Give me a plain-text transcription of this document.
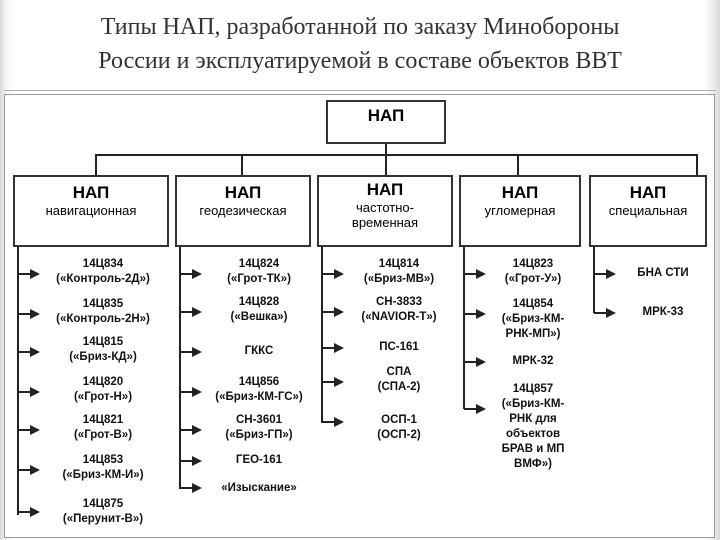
Типы НАП, разработанной по заказу Минобороны
России и эксплуатируемой в составе объектов ВВТ
НАП
НАП
навигационная
НАП
геодезическая
НАП
частотно-
временная
НАП
угломерная
НАП
специальная
14Ц834
(«Контроль-2Д»)
14Ц835
(«Контроль-2Н»)
14Ц815
(«Бриз-КД»)
14Ц820
(«Грот-Н»)
14Ц821
(«Грот-В»)
14Ц853
(«Бриз-КМ-И»)
14Ц875
(«Перунит-В»)
14Ц824
(«Грот-ТК»)
14Ц828
(«Вешка»)
ГККС
14Ц856
(«Бриз-КМ-ГС»)
СН-3601
(«Бриз-ГП»)
ГЕО-161
«Изыскание»
14Ц814
(«Бриз-МВ»)
СН-3833
(«NAVIOR-Т»)
ПС-161
СПА
(СПА-2)
ОСП-1
(ОСП-2)
14Ц823
(«Грот-У»)
14Ц854
(«Бриз-КМ-
РНК-МП»)
МРК-32
14Ц857
(«Бриз-КМ-
РНК для
объектов
БРАВ и МП
ВМФ»)
БНА СТИ
МРК-33
